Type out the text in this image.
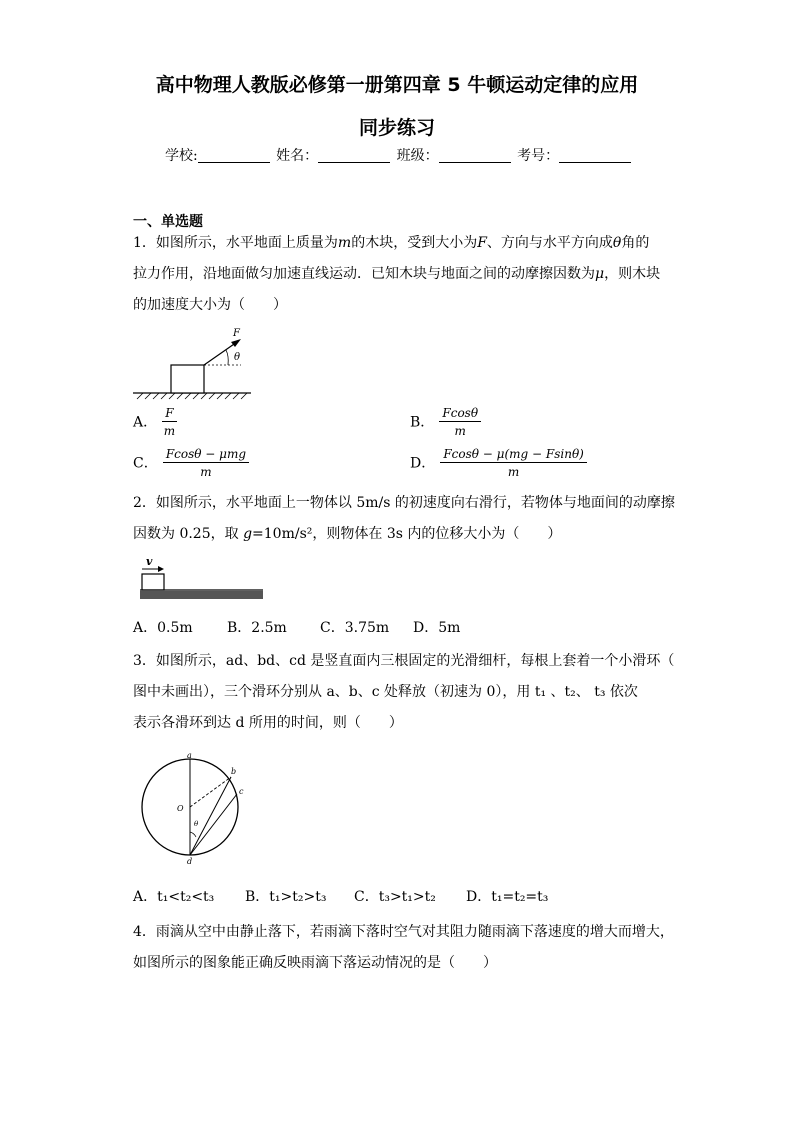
高中物理人教版必修第一册第四章 5 牛顿运动定律的应用
同步练习
学校:	姓名：	班级：	考号：
一、单选题
1．如图所示，水平地面上质量为m的木块，受到大小为F、方向与水平方向成θ角的
拉力作用，沿地面做匀加速直线运动．已知木块与地面之间的动摩擦因数为μ，则木块
的加速度大小为（　　）
F
θ
A． $\frac{F}{m}$	B． $\frac{Fcos\theta}{m}$
C． $\frac{\text{Fcosθ − μmg}}{m}$	D． $\frac{Fcos\theta - \mu(mg - Fsin\theta)}{m}$
2．如图所示，水平地面上一物体以 5m/s 的初速度向右滑行，若物体与地面间的动摩擦
因数为 0.25，取 g=10m/s²，则物体在 3s 内的位移大小为（　　）
v
A．0.5m B．2.5m C．3.75m D．5m
3．如图所示，ad、bd、cd 是竖直面内三根固定的光滑细杆，每根上套着一个小滑环（
图中未画出），三个滑环分别从 a、b、c 处释放（初速为 0），用 t₁ 、t₂、 t₃ 依次
表示各滑环到达 d 所用的时间，则（　　）
a
b
c
O
θ
d
A．t₁<t₂<t₃ B．t₁>t₂>t₃ C．t₃>t₁>t₂ D．t₁=t₂=t₃
4．雨滴从空中由静止落下，若雨滴下落时空气对其阻力随雨滴下落速度的增大而增大，
如图所示的图象能正确反映雨滴下落运动情况的是（　　）
